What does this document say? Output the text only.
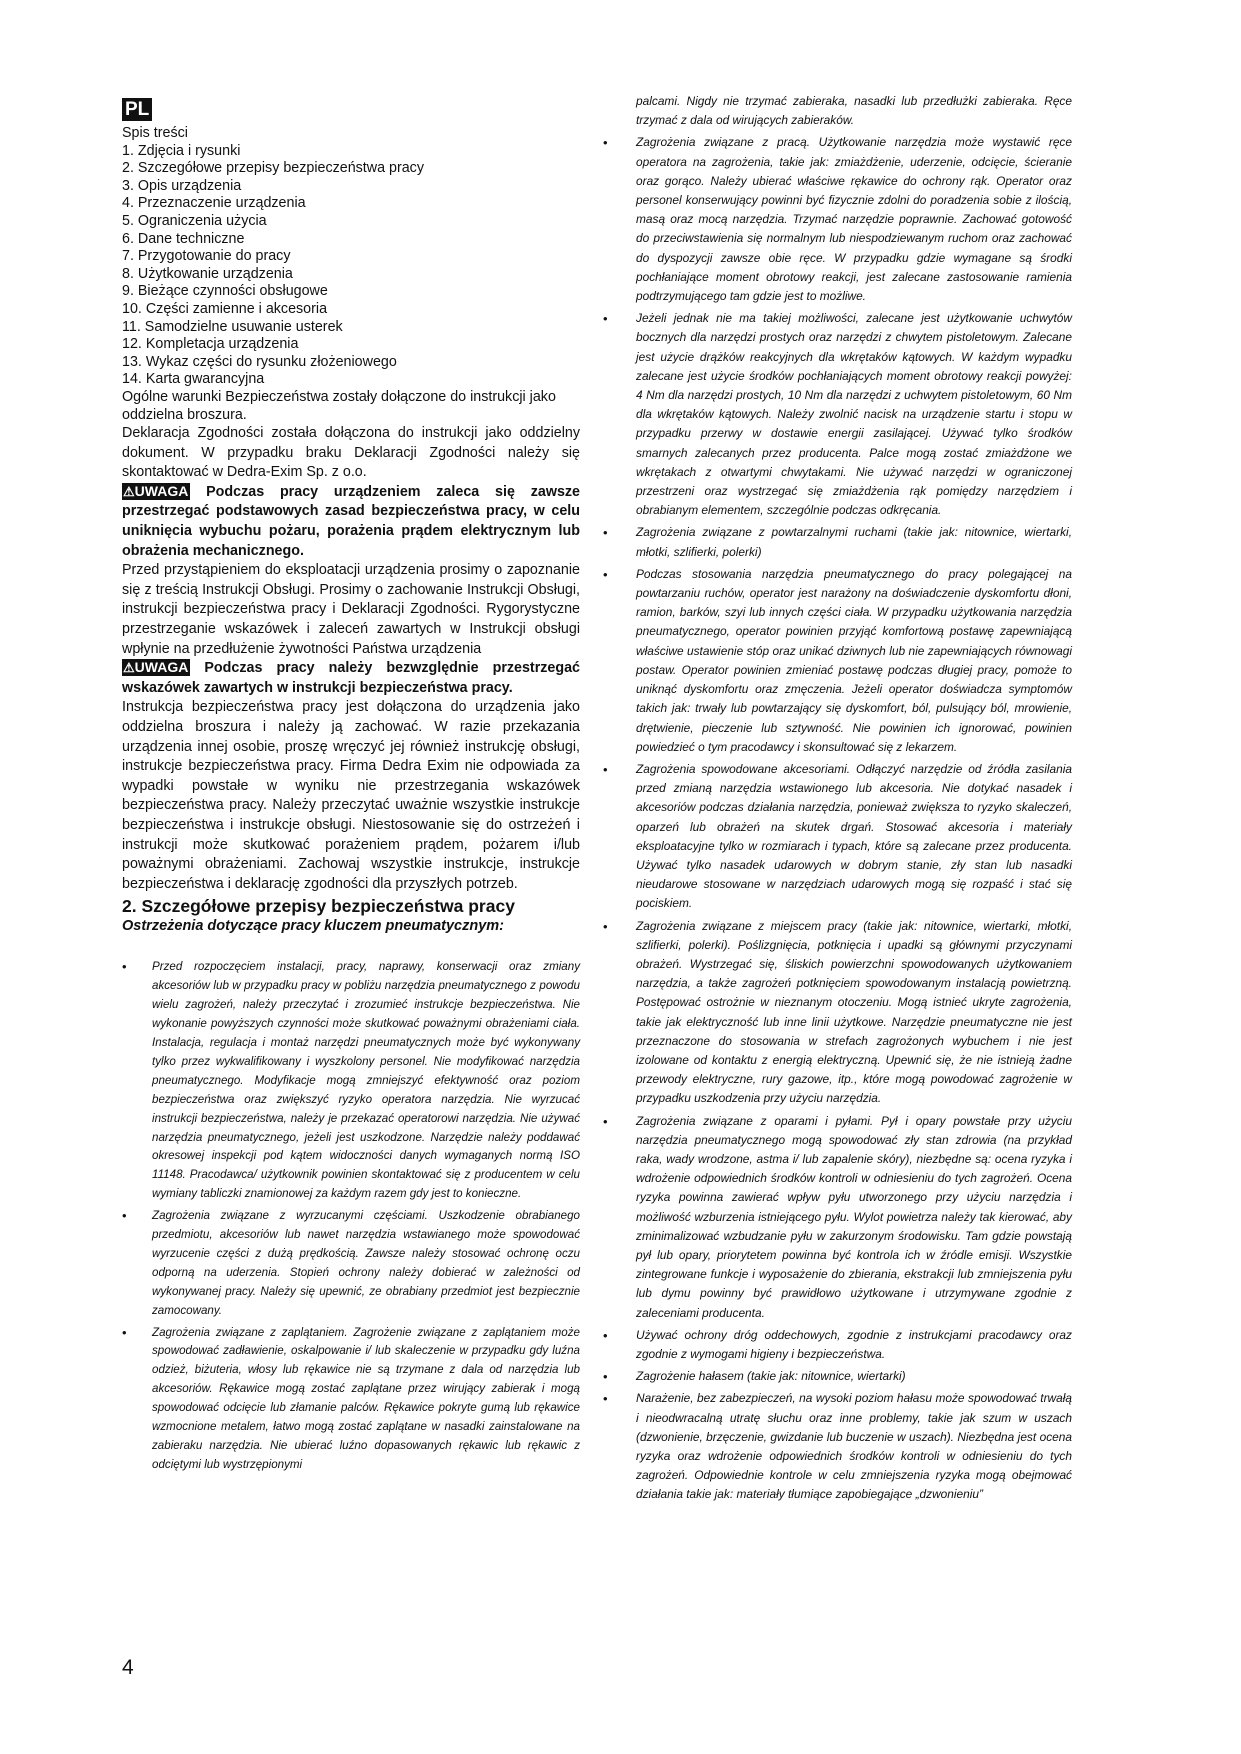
PL

Spis treści

1. Zdjęcia i rysunki

2. Szczegółowe przepisy bezpieczeństwa pracy

3. Opis urządzenia

4. Przeznaczenie urządzenia

5. Ograniczenia użycia

6. Dane techniczne

7. Przygotowanie do pracy

8. Użytkowanie urządzenia

9. Bieżące czynności obsługowe

10. Części zamienne i akcesoria

11. Samodzielne usuwanie usterek

12. Kompletacja urządzenia

13. Wykaz części do rysunku złożeniowego

14. Karta gwarancyjna

Ogólne warunki Bezpieczeństwa zostały dołączone do instrukcji jako oddzielna broszura.

Deklaracja Zgodności została dołączona do instrukcji jako oddzielny dokument. W przypadku braku Deklaracji Zgodności należy się skontaktować w Dedra-Exim Sp. z o.o.

⚠UWAGA Podczas pracy urządzeniem zaleca się zawsze przestrzegać podstawowych zasad bezpieczeństwa pracy, w celu uniknięcia wybuchu pożaru, porażenia prądem elektrycznym lub obrażenia mechanicznego.

Przed przystąpieniem do eksploatacji urządzenia prosimy o zapoznanie się z treścią Instrukcji Obsługi. Prosimy o zachowanie Instrukcji Obsługi, instrukcji bezpieczeństwa pracy i Deklaracji Zgodności. Rygorystyczne przestrzeganie wskazówek i zaleceń zawartych w Instrukcji obsługi wpłynie na przedłużenie żywotności Państwa urządzenia

⚠UWAGA Podczas pracy należy bezwzględnie przestrzegać wskazówek zawartych w instrukcji bezpieczeństwa pracy.

Instrukcja bezpieczeństwa pracy jest dołączona do urządzenia jako oddzielna broszura i należy ją zachować. W razie przekazania urządzenia innej osobie, proszę wręczyć jej również instrukcję obsługi, instrukcje bezpieczeństwa pracy. Firma Dedra Exim nie odpowiada za wypadki powstałe w wyniku nie przestrzegania wskazówek bezpieczeństwa pracy. Należy przeczytać uważnie wszystkie instrukcje bezpieczeństwa i instrukcje obsługi. Niestosowanie się do ostrzeżeń i instrukcji może skutkować porażeniem prądem, pożarem i/lub poważnymi obrażeniami. Zachowaj wszystkie instrukcje, instrukcje bezpieczeństwa i deklarację zgodności dla przyszłych potrzeb.

2. Szczegółowe przepisy bezpieczeństwa pracy

Ostrzeżenia dotyczące pracy kluczem pneumatycznym:

• Przed rozpoczęciem instalacji, pracy, naprawy, konserwacji oraz zmiany akcesoriów lub w przypadku pracy w pobliżu narzędzia pneumatycznego z powodu wielu zagrożeń, należy przeczytać i zrozumieć instrukcje bezpieczeństwa. Nie wykonanie powyższych czynności może skutkować poważnymi obrażeniami ciała. Instalacja, regulacja i montaż narzędzi pneumatycznych może być wykonywany tylko przez wykwalifikowany i wyszkolony personel. Nie modyfikować narzędzia pneumatycznego. Modyfikacje mogą zmniejszyć efektywność oraz poziom bezpieczeństwa oraz zwiększyć ryzyko operatora narzędzia. Nie wyrzucać instrukcji bezpieczeństwa, należy je przekazać operatorowi narzędzia. Nie używać narzędzia pneumatycznego, jeżeli jest uszkodzone. Narzędzie należy poddawać okresowej inspekcji pod kątem widoczności danych wymaganych normą ISO 11148. Pracodawca/ użytkownik powinien skontaktować się z producentem w celu wymiany tabliczki znamionowej za każdym razem gdy jest to konieczne.
• Zagrożenia związane z wyrzucanymi częściami. Uszkodzenie obrabianego przedmiotu, akcesoriów lub nawet narzędzia wstawianego może spowodować wyrzucenie części z dużą prędkością. Zawsze należy stosować ochronę oczu odporną na uderzenia. Stopień ochrony należy dobierać w zależności od wykonywanej pracy. Należy się upewnić, ze obrabiany przedmiot jest bezpiecznie zamocowany.
• Zagrożenia związane z zaplątaniem. Zagrożenie związane z zaplątaniem może spowodować zadławienie, oskalpowanie i/ lub skaleczenie w przypadku gdy luźna odzież, biżuteria, włosy lub rękawice nie są trzymane z dala od narzędzia lub akcesoriów. Rękawice mogą zostać zaplątane przez wirujący zabierak i mogą spowodować odcięcie lub złamanie palców. Rękawice pokryte gumą lub rękawice wzmocnione metalem, łatwo mogą zostać zaplątane w nasadki zainstalowane na zabieraku narzędzia. Nie ubierać luźno dopasowanych rękawic lub rękawic z odciętymi lub wystrzępionymi
palcami. Nigdy nie trzymać zabieraka, nasadki lub przedłużki zabieraka. Ręce trzymać z dala od wirujących zabieraków.
• Zagrożenia związane z pracą. Użytkowanie narzędzia może wystawić ręce operatora na zagrożenia, takie jak: zmiażdżenie, uderzenie, odcięcie, ścieranie oraz gorąco. Należy ubierać właściwe rękawice do ochrony rąk. Operator oraz personel konserwujący powinni być fizycznie zdolni do poradzenia sobie z ilością, masą oraz mocą narzędzia. Trzymać narzędzie poprawnie. Zachować gotowość do przeciwstawienia się normalnym lub niespodziewanym ruchom oraz zachować do dyspozycji zawsze obie ręce. W przypadku gdzie wymagane są środki pochłaniające moment obrotowy reakcji, jest zalecane zastosowanie ramienia podtrzymującego tam gdzie jest to możliwe.
• Jeżeli jednak nie ma takiej możliwości, zalecane jest użytkowanie uchwytów bocznych dla narzędzi prostych oraz narzędzi z chwytem pistoletowym. Zalecane jest użycie drążków reakcyjnych dla wkrętaków kątowych. W każdym wypadku zalecane jest użycie środków pochłaniających moment obrotowy reakcji powyżej: 4 Nm dla narzędzi prostych, 10 Nm dla narzędzi z uchwytem pistoletowym, 60 Nm dla wkrętaków kątowych. Należy zwolnić nacisk na urządzenie startu i stopu w przypadku przerwy w dostawie energii zasilającej. Używać tylko środków smarnych zalecanych przez producenta. Palce mogą zostać zmiażdżone we wkrętakach z otwartymi chwytakami. Nie używać narzędzi w ograniczonej przestrzeni oraz wystrzegać się zmiażdżenia rąk pomiędzy narzędziem i obrabianym elementem, szczególnie podczas odkręcania.
• Zagrożenia związane z powtarzalnymi ruchami (takie jak: nitownice, wiertarki, młotki, szlifierki, polerki)
• Podczas stosowania narzędzia pneumatycznego do pracy polegającej na powtarzaniu ruchów, operator jest narażony na doświadczenie dyskomfortu dłoni, ramion, barków, szyi lub innych części ciała. W przypadku użytkowania narzędzia pneumatycznego, operator powinien przyjąć komfortową postawę zapewniającą właściwe ustawienie stóp oraz unikać dziwnych lub nie zapewniających równowagi postaw. Operator powinien zmieniać postawę podczas długiej pracy, pomoże to uniknąć dyskomfortu oraz zmęczenia. Jeżeli operator doświadcza symptomów takich jak: trwały lub powtarzający się dyskomfort, ból, pulsujący ból, mrowienie, drętwienie, pieczenie lub sztywność. Nie powinien ich ignorować, powinien powiedzieć o tym pracodawcy i skonsultować się z lekarzem.
• Zagrożenia spowodowane akcesoriami. Odłączyć narzędzie od źródła zasilania przed zmianą narzędzia wstawionego lub akcesoria. Nie dotykać nasadek i akcesoriów podczas działania narzędzia, ponieważ zwiększa to ryzyko skaleczeń, oparzeń lub obrażeń na skutek drgań. Stosować akcesoria i materiały eksploatacyjne tylko w rozmiarach i typach, które są zalecane przez producenta. Używać tylko nasadek udarowych w dobrym stanie, zły stan lub nasadki nieudarowe stosowane w narzędziach udarowych mogą się rozpaść i stać się pociskiem.
• Zagrożenia związane z miejscem pracy (takie jak: nitownice, wiertarki, młotki, szlifierki, polerki). Poślizgnięcia, potknięcia i upadki są głównymi przyczynami obrażeń. Wystrzegać się, śliskich powierzchni spowodowanych użytkowaniem narzędzia, a także zagrożeń potknięciem spowodowanym instalacją powietrzną. Postępować ostrożnie w nieznanym otoczeniu. Mogą istnieć ukryte zagrożenia, takie jak elektryczność lub inne linii użytkowe. Narzędzie pneumatyczne nie jest przeznaczone do stosowania w strefach zagrożonych wybuchem i nie jest izolowane od kontaktu z energią elektryczną. Upewnić się, że nie istnieją żadne przewody elektryczne, rury gazowe, itp., które mogą powodować zagrożenie w przypadku uszkodzenia przy użyciu narzędzia.
• Zagrożenia związane z oparami i pyłami. Pył i opary powstałe przy użyciu narzędzia pneumatycznego mogą spowodować zły stan zdrowia (na przykład raka, wady wrodzone, astma i/ lub zapalenie skóry), niezbędne są: ocena ryzyka i wdrożenie odpowiednich środków kontroli w odniesieniu do tych zagrożeń. Ocena ryzyka powinna zawierać wpływ pyłu utworzonego przy użyciu narzędzia i możliwość wzburzenia istniejącego pyłu. Wylot powietrza należy tak kierować, aby zminimalizować wzbudzanie pyłu w zakurzonym środowisku. Tam gdzie powstają pył lub opary, priorytetem powinna być kontrola ich w źródle emisji. Wszystkie zintegrowane funkcje i wyposażenie do zbierania, ekstrakcji lub zmniejszenia pyłu lub dymu powinny być prawidłowo użytkowane i utrzymywane zgodnie z zaleceniami producenta.
• Używać ochrony dróg oddechowych, zgodnie z instrukcjami pracodawcy oraz zgodnie z wymogami higieny i bezpieczeństwa.
• Zagrożenie hałasem (takie jak: nitownice, wiertarki)
• Narażenie, bez zabezpieczeń, na wysoki poziom hałasu może spowodować trwałą i nieodwracalną utratę słuchu oraz inne problemy, takie jak szum w uszach (dzwonienie, brzęczenie, gwizdanie lub buczenie w uszach). Niezbędna jest ocena ryzyka oraz wdrożenie odpowiednich środków kontroli w odniesieniu do tych zagrożeń. Odpowiednie kontrole w celu zmniejszenia ryzyka mogą obejmować działania takie jak: materiały tłumiące zapobiegające „dzwonieniu”
4
